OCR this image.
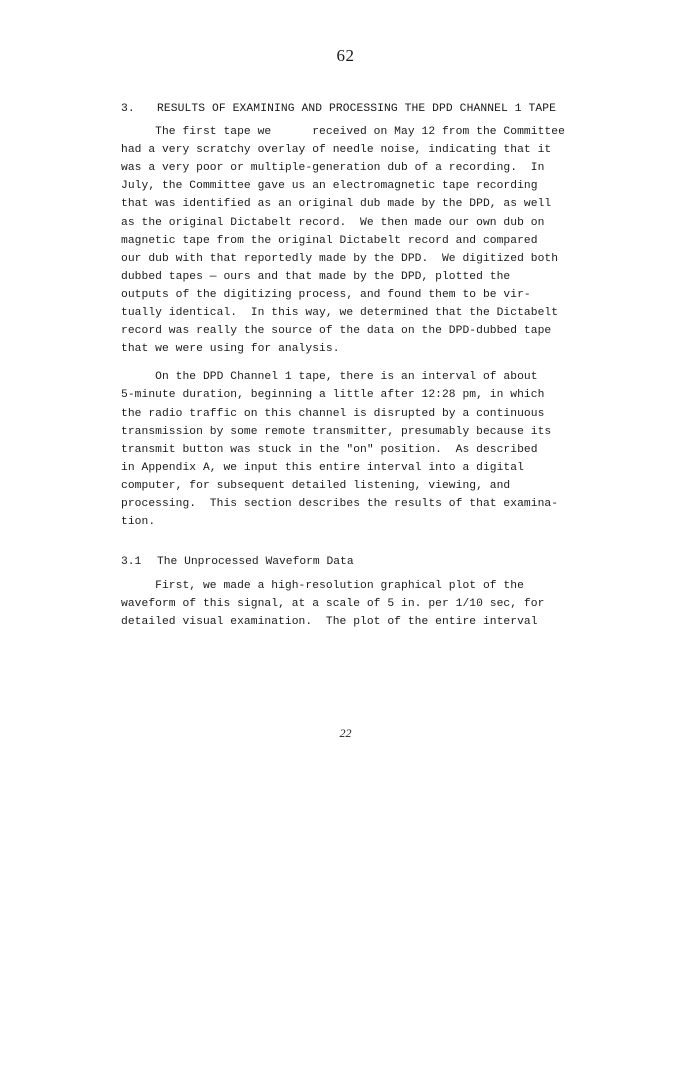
62
3. RESULTS OF EXAMINING AND PROCESSING THE DPD CHANNEL 1 TAPE
The first tape we      received on May 12 from the Committee
had a very scratchy overlay of needle noise, indicating that it
was a very poor or multiple-generation dub of a recording.  In
July, the Committee gave us an electromagnetic tape recording
that was identified as an original dub made by the DPD, as well
as the original Dictabelt record.  We then made our own dub on
magnetic tape from the original Dictabelt record and compared
our dub with that reportedly made by the DPD.  We digitized both
dubbed tapes — ours and that made by the DPD, plotted the
outputs of the digitizing process, and found them to be vir-
tually identical.  In this way, we determined that the Dictabelt
record was really the source of the data on the DPD-dubbed tape
that we were using for analysis.
On the DPD Channel 1 tape, there is an interval of about
5-minute duration, beginning a little after 12:28 pm, in which
the radio traffic on this channel is disrupted by a continuous
transmission by some remote transmitter, presumably because its
transmit button was stuck in the "on" position.  As described
in Appendix A, we input this entire interval into a digital
computer, for subsequent detailed listening, viewing, and
processing.  This section describes the results of that examina-
tion.
3.1 The Unprocessed Waveform Data
First, we made a high-resolution graphical plot of the
waveform of this signal, at a scale of 5 in. per 1/10 sec, for
detailed visual examination.  The plot of the entire interval
22
